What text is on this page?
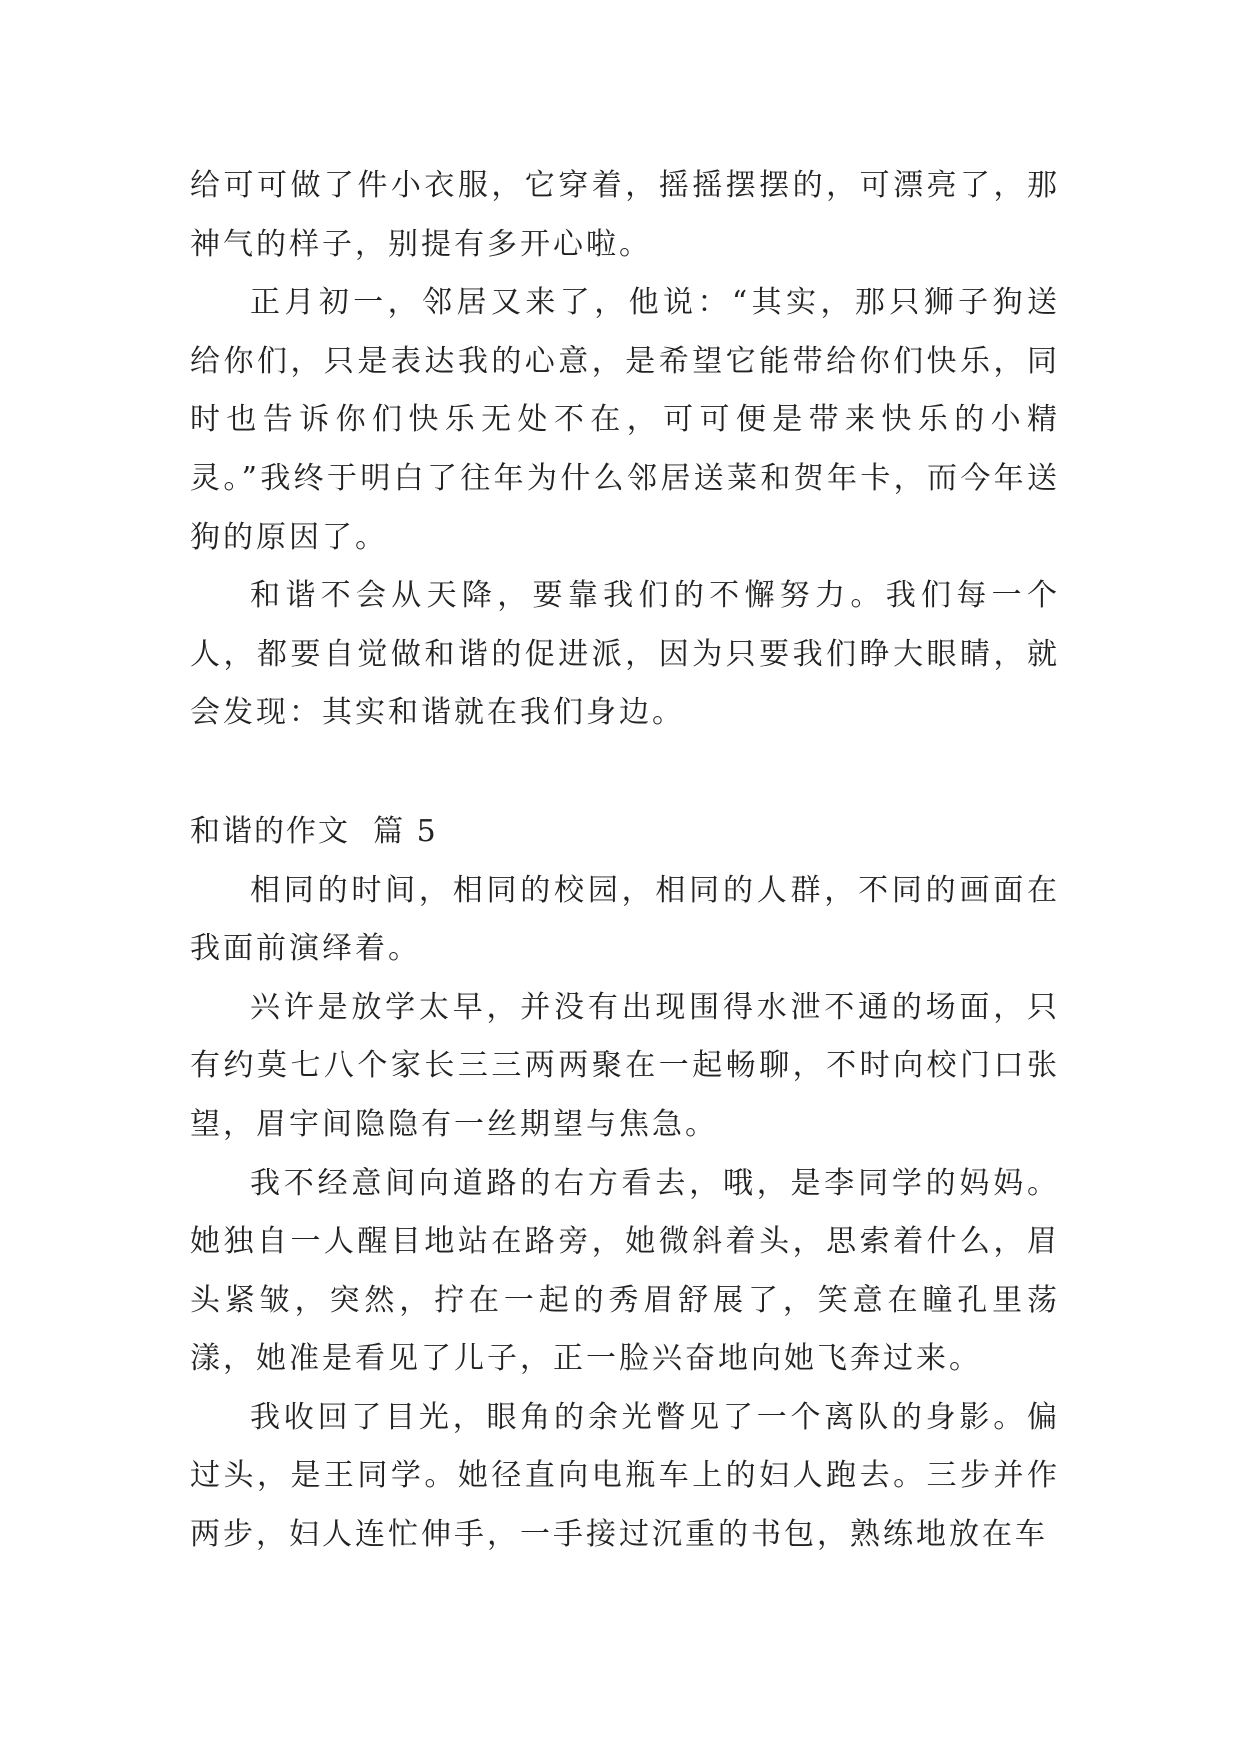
给可可做了件小衣服，它穿着，摇摇摆摆的，可漂亮了，那神气的样子，别提有多开心啦。

正月初一，邻居又来了，他说：“其实，那只狮子狗送给你们，只是表达我的心意，是希望它能带给你们快乐，同时也告诉你们快乐无处不在，可可便是带来快乐的小精灵。”我终于明白了往年为什么邻居送菜和贺年卡，而今年送狗的原因了。

和谐不会从天降，要靠我们的不懈努力。我们每一个人，都要自觉做和谐的促进派，因为只要我们睁大眼睛，就会发现：其实和谐就在我们身边。

和谐的作文  篇 5

相同的时间，相同的校园，相同的人群，不同的画面在我面前演绎着。

兴许是放学太早，并没有出现围得水泄不通的场面，只有约莫七八个家长三三两两聚在一起畅聊，不时向校门口张望，眉宇间隐隐有一丝期望与焦急。

我不经意间向道路的右方看去，哦，是李同学的妈妈。她独自一人醒目地站在路旁，她微斜着头，思索着什么，眉头紧皱，突然，拧在一起的秀眉舒展了，笑意在瞳孔里荡漾，她准是看见了儿子，正一脸兴奋地向她飞奔过来。

我收回了目光，眼角的余光瞥见了一个离队的身影。偏过头，是王同学。她径直向电瓶车上的妇人跑去。三步并作两步，妇人连忙伸手，一手接过沉重的书包，熟练地放在车
